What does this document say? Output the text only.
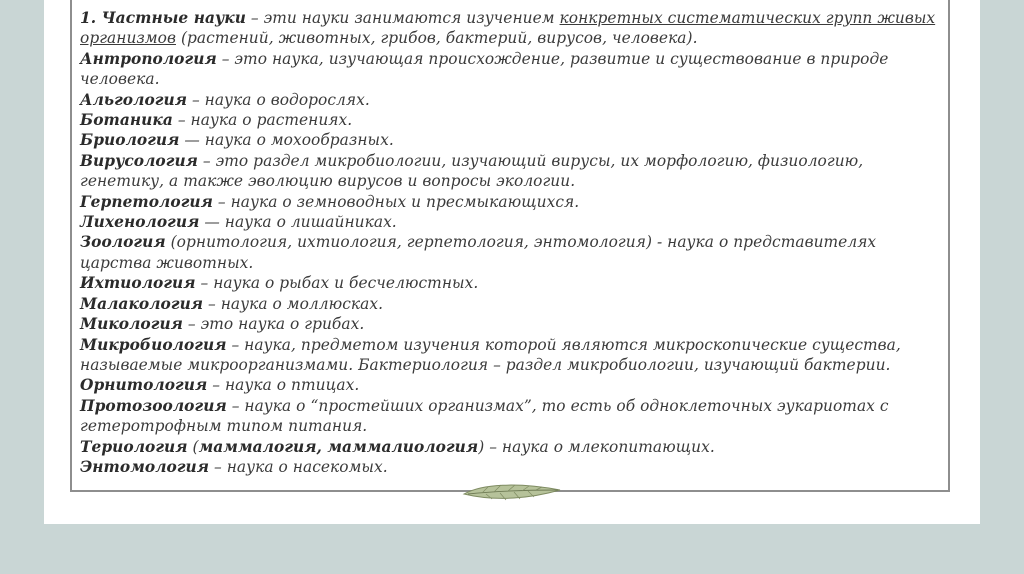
1. Частные науки – эти науки занимаются изучением конкретных систематических групп живых организмов (растений, животных, грибов, бактерий, вирусов, человека).

Антропология – это наука, изучающая происхождение, развитие и существование в природе человека.

Альгология – наука о водорослях.

Ботаника – наука о растениях.

Бриология — наука о мохообразных.

Вирусология – это раздел микробиологии, изучающий вирусы, их морфологию, физиологию, генетику, а также эволюцию вирусов и вопросы экологии.

Герпетология – наука о земноводных и пресмыкающихся.

Лихенология — наука о лишайниках.

Зоология (орнитология, ихтиология, герпетология, энтомология) - наука о представителях царства животных.

Ихтиология – наука о рыбах и бесчелюстных.

Малакология – наука о моллюсках.

Микология – это наука о грибах.

Микробиология – наука, предметом изучения которой являются микроскопические существа, называемые микроорганизмами. Бактериология – раздел микробиологии, изучающий бактерии.

Орнитология – наука о птицах.

Протозоология – наука о “простейших организмах”, то есть об одноклеточных эукариотах с гетеротрофным типом питания.

Териология (маммалогия, маммалиология) – наука о млекопитающих.

Энтомология – наука о насекомых.
